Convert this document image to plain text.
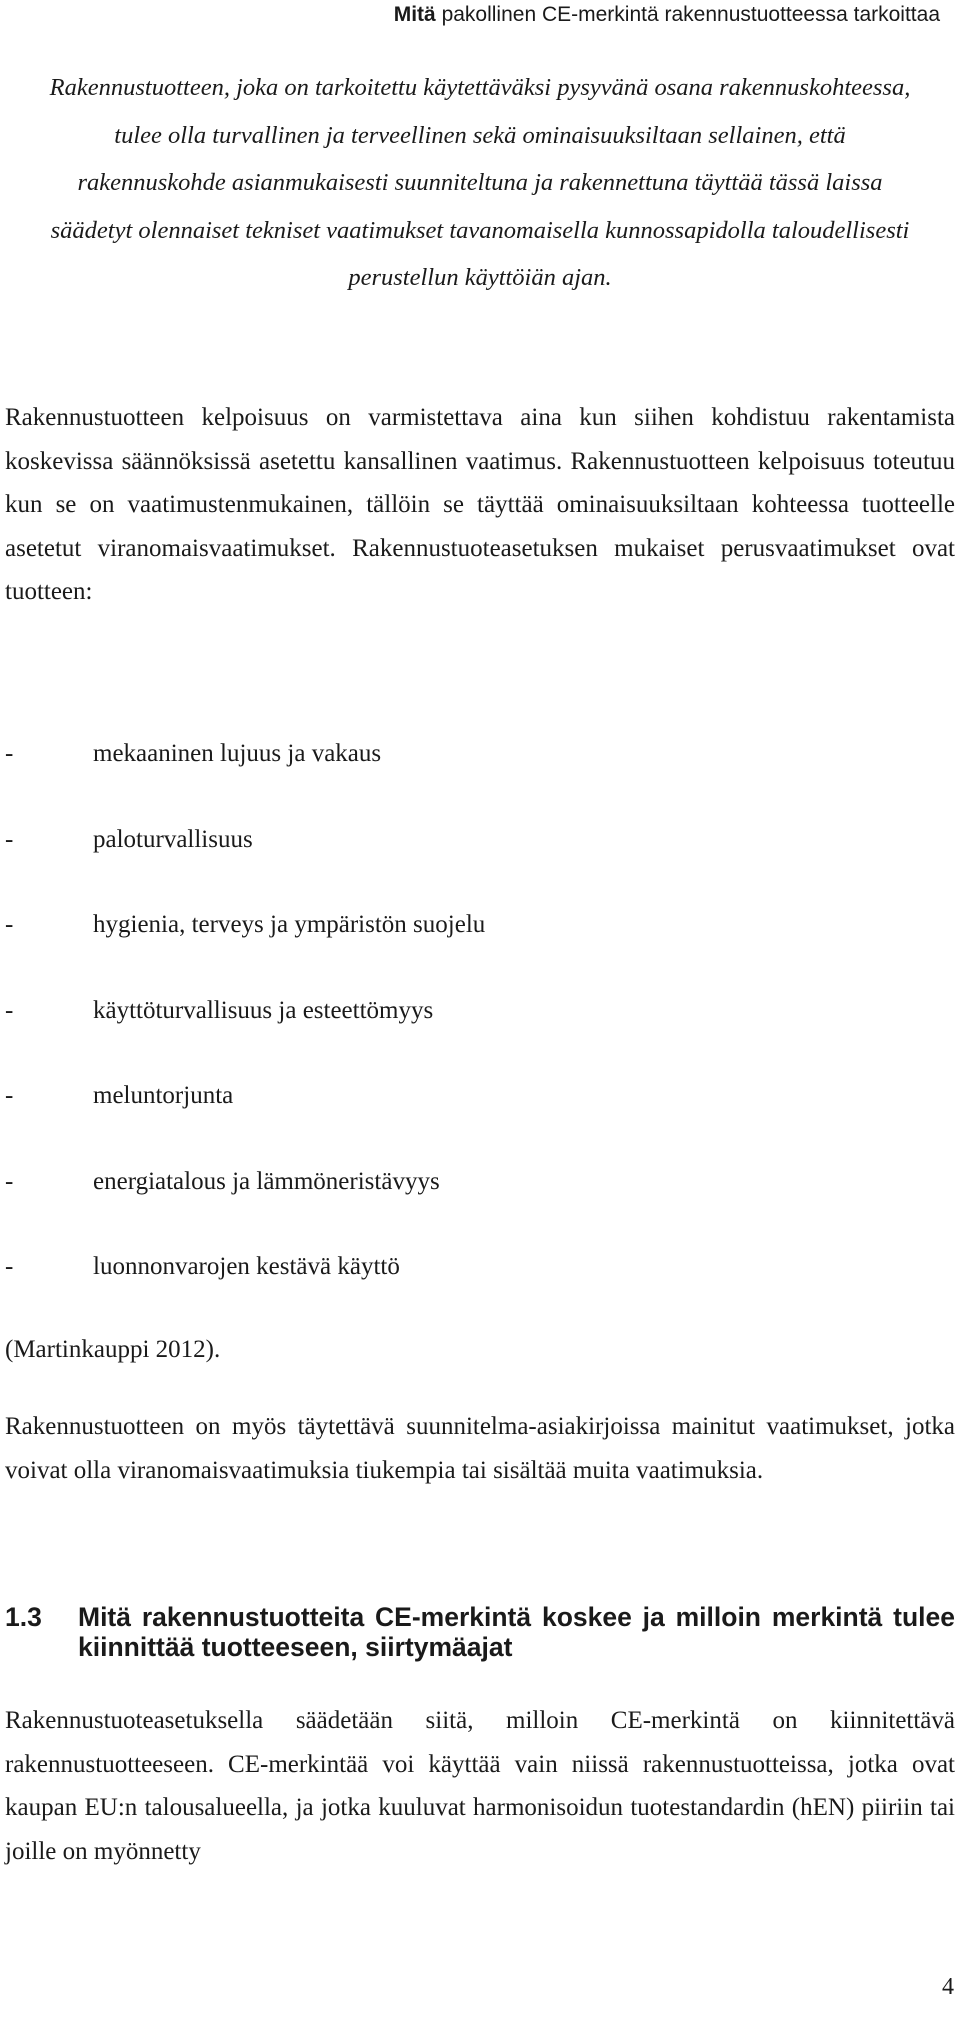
Mitä pakollinen CE-merkintä rakennustuotteessa tarkoittaa

Rakennustuotteen, joka on tarkoitettu käytettäväksi pysyvänä osana rakennuskohteessa, tulee olla turvallinen ja terveellinen sekä ominaisuuksiltaan sellainen, että rakennuskohde asianmukaisesti suunniteltuna ja rakennettuna täyttää tässä laissa säädetyt olennaiset tekniset vaatimukset tavanomaisella kunnossapidolla taloudellisesti perustellun käyttöiän ajan.

Rakennustuotteen kelpoisuus on varmistettava aina kun siihen kohdistuu rakentamista koskevissa säännöksissä asetettu kansallinen vaatimus. Rakennustuotteen kelpoisuus toteutuu kun se on vaatimustenmukainen, tällöin se täyttää ominaisuuksiltaan kohteessa tuotteelle asetetut viranomaisvaatimukset. Rakennustuoteasetuksen mukaiset perusvaatimukset ovat tuotteen:

-	mekaaninen lujuus ja vakaus
-	paloturvallisuus
-	hygienia, terveys ja ympäristön suojelu
-	käyttöturvallisuus ja esteettömyys
-	meluntorjunta
-	energiatalous ja lämmöneristävyys
-	luonnonvarojen kestävä käyttö

(Martinkauppi 2012).

Rakennustuotteen on myös täytettävä suunnitelma-asiakirjoissa mainitut vaatimukset, jotka voivat olla viranomaisvaatimuksia tiukempia tai sisältää muita vaatimuksia.

1.3	Mitä rakennustuotteita CE-merkintä koskee ja milloin merkintä tulee kiinnittää tuotteeseen, siirtymäajat

Rakennustuoteasetuksella säädetään siitä, milloin CE-merkintä on kiinnitettävä rakennustuotteeseen. CE-merkintää voi käyttää vain niissä rakennustuotteissa, jotka ovat kaupan EU:n talousalueella, ja jotka kuuluvat harmonisoidun tuotestandardin (hEN) piiriin tai joille on myönnetty

4
